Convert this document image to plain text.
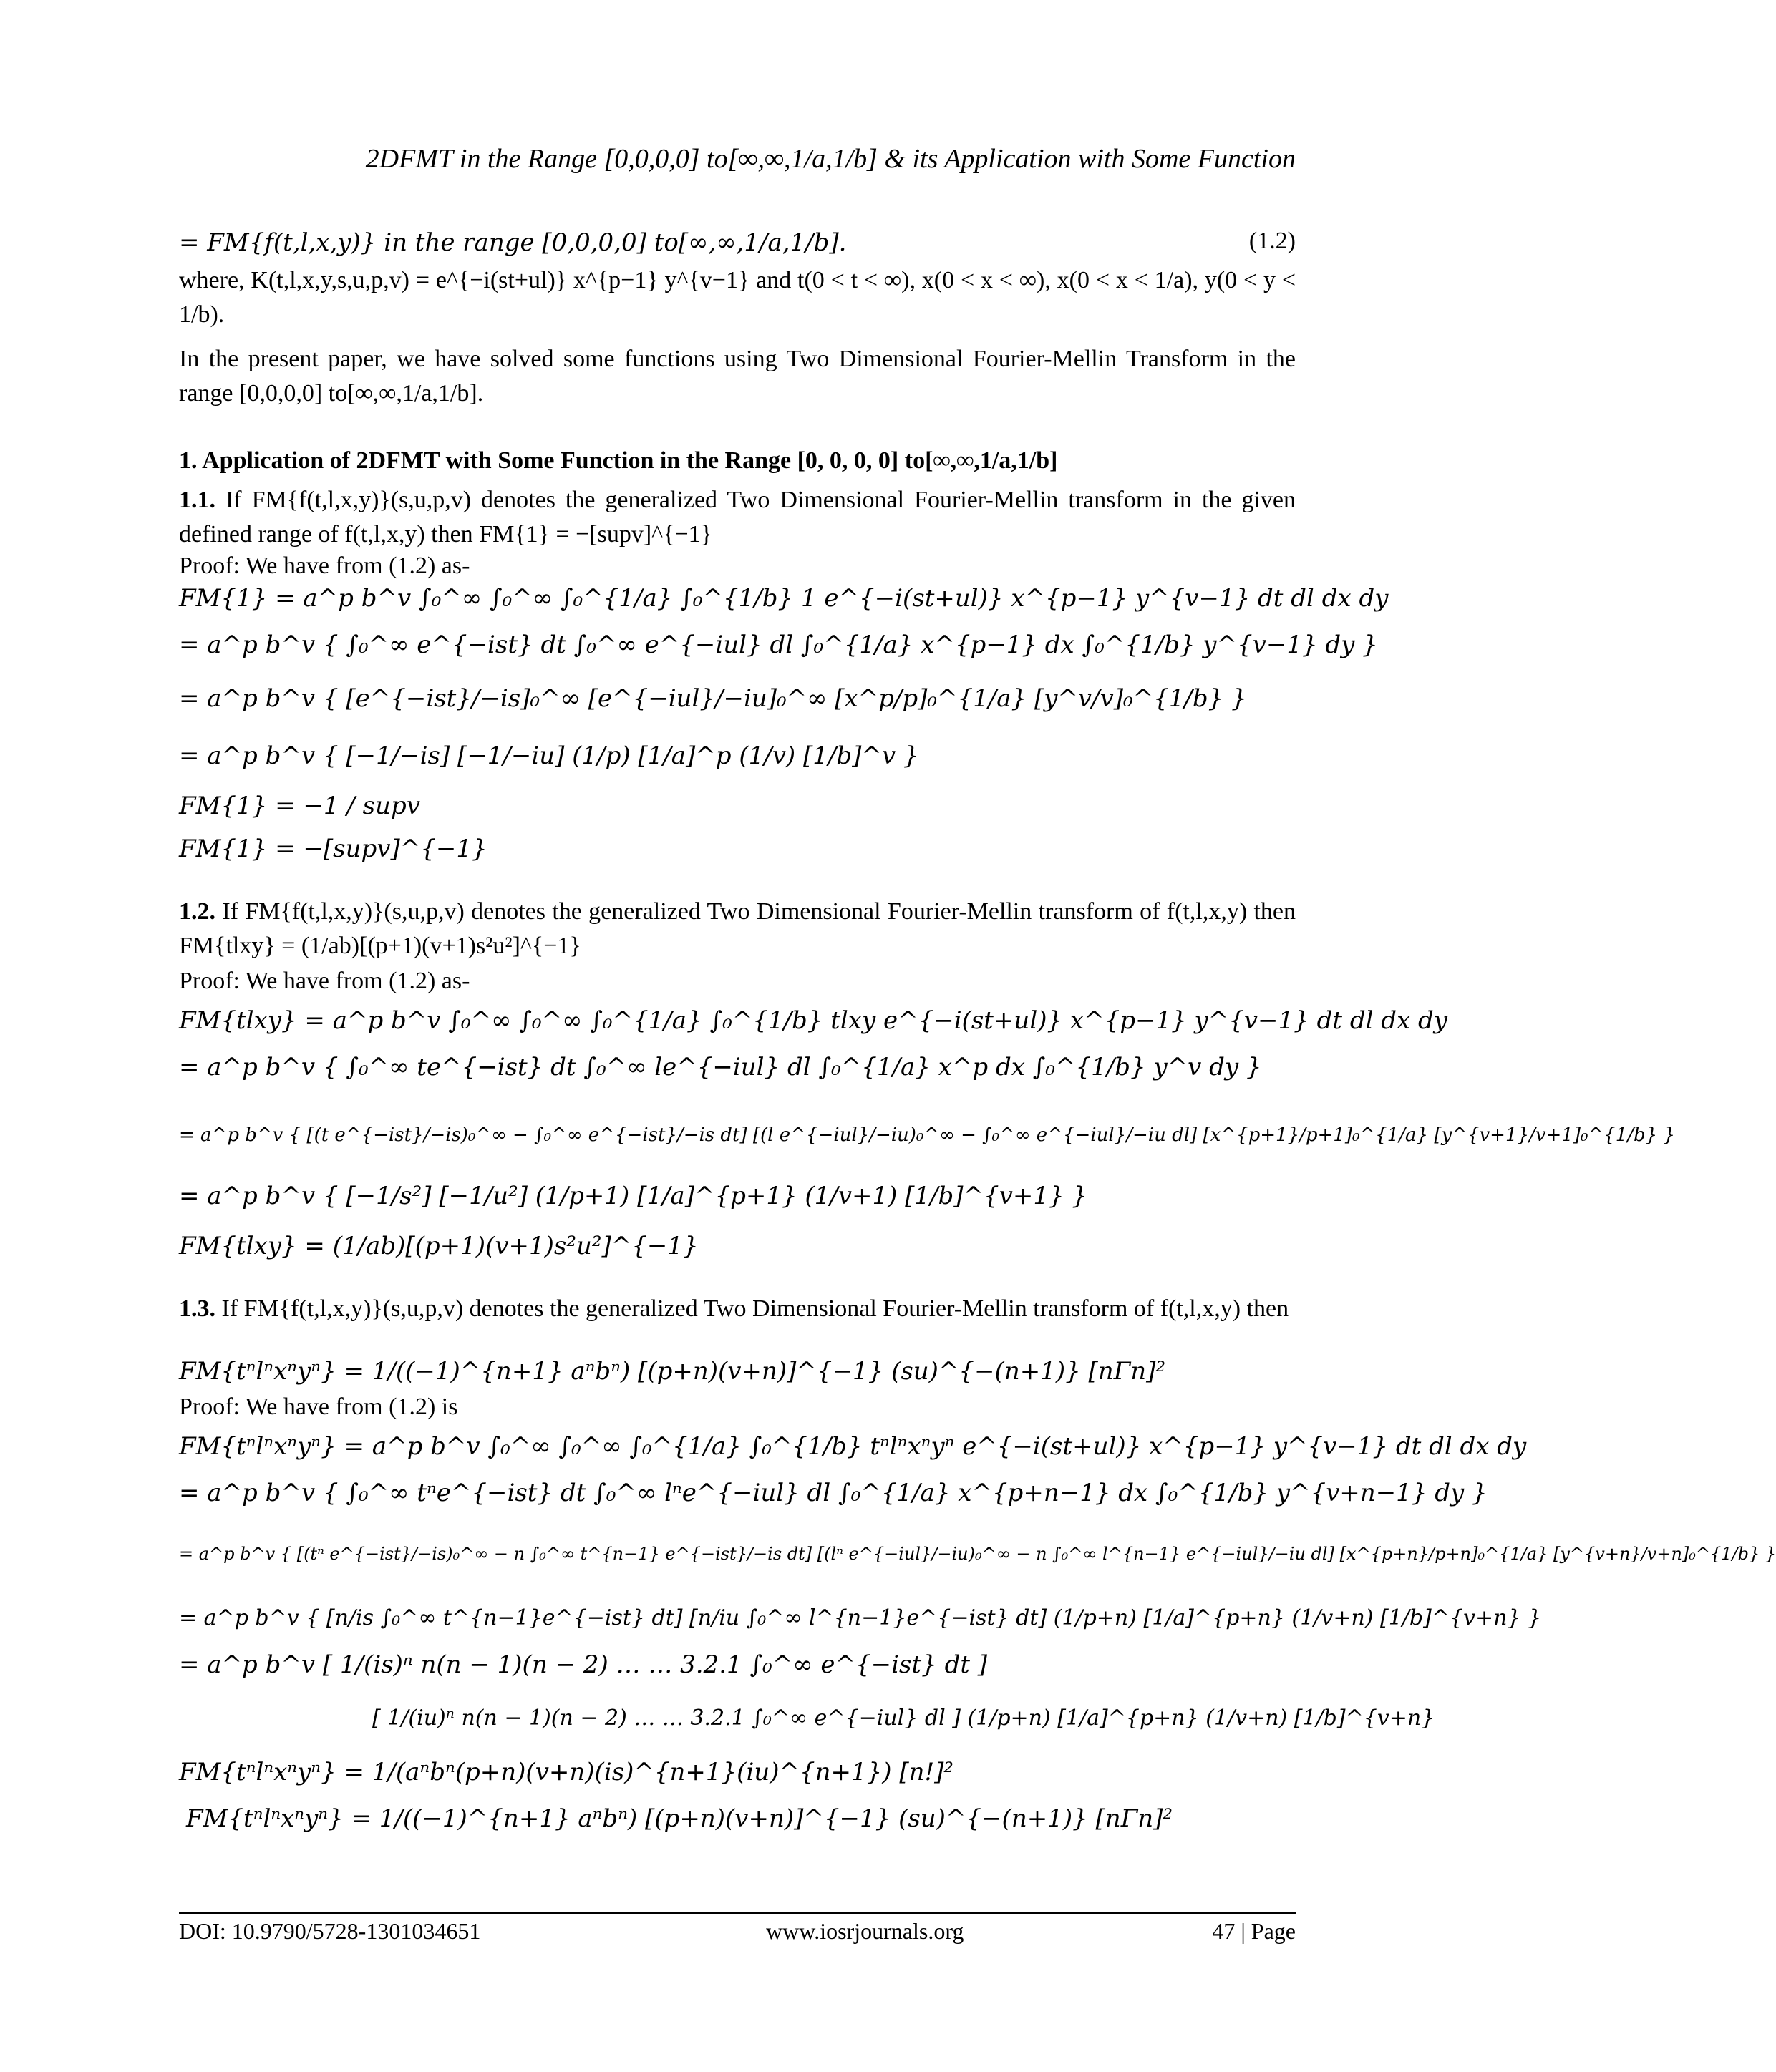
2DFMT in the Range [0,0,0,0] to[∞,∞,1/a,1/b] & its Application with Some Function
= FM{f(t,l,x,y)} in the range [0,0,0,0] to[∞,∞,1/a,1/b].	(1.2)
where, K(t,l,x,y,s,u,p,v) = e^{−i(st+ul)} x^{p−1} y^{v−1} and t(0 < t < ∞), x(0 < x < ∞), x(0 < x < 1/a), y(0 < y < 1/b).
In the present paper, we have solved some functions using Two Dimensional Fourier-Mellin Transform in the range [0,0,0,0] to[∞,∞,1/a,1/b].
1. Application of 2DFMT with Some Function in the Range [0, 0, 0, 0] to[∞,∞,1/a,1/b]
1.1. If FM{f(t,l,x,y)}(s,u,p,v) denotes the generalized Two Dimensional Fourier-Mellin transform in the given defined range of f(t,l,x,y) then FM{1} = −[supv]^{−1}
Proof: We have from (1.2) as-
FM{1} = a^p b^v ∫₀^∞ ∫₀^∞ ∫₀^{1/a} ∫₀^{1/b} 1 e^{−i(st+ul)} x^{p−1} y^{v−1} dt dl dx dy
= a^p b^v { ∫₀^∞ e^{−ist} dt ∫₀^∞ e^{−iul} dl ∫₀^{1/a} x^{p−1} dx ∫₀^{1/b} y^{v−1} dy }
= a^p b^v { [e^{−ist}/−is]₀^∞ [e^{−iul}/−iu]₀^∞ [x^p/p]₀^{1/a} [y^v/v]₀^{1/b} }
= a^p b^v { [−1/−is] [−1/−iu] (1/p) [1/a]^p (1/v) [1/b]^v }
FM{1} = −1 / supv
FM{1} = −[supv]^{−1}
1.2. If FM{f(t,l,x,y)}(s,u,p,v) denotes the generalized Two Dimensional Fourier-Mellin transform of f(t,l,x,y) then FM{tlxy} = (1/ab)[(p+1)(v+1)s²u²]^{−1}
Proof: We have from (1.2) as-
FM{tlxy} = a^p b^v ∫₀^∞ ∫₀^∞ ∫₀^{1/a} ∫₀^{1/b} tlxy e^{−i(st+ul)} x^{p−1} y^{v−1} dt dl dx dy
= a^p b^v { ∫₀^∞ te^{−ist} dt ∫₀^∞ le^{−iul} dl ∫₀^{1/a} x^p dx ∫₀^{1/b} y^v dy }
= a^p b^v { [(t e^{−ist}/−is)₀^∞ − ∫₀^∞ e^{−ist}/−is dt] [(l e^{−iul}/−iu)₀^∞ − ∫₀^∞ e^{−iul}/−iu dl] [x^{p+1}/p+1]₀^{1/a} [y^{v+1}/v+1]₀^{1/b} }
= a^p b^v { [−1/s²] [−1/u²] (1/p+1) [1/a]^{p+1} (1/v+1) [1/b]^{v+1} }
FM{tlxy} = (1/ab)[(p+1)(v+1)s²u²]^{−1}
1.3. If FM{f(t,l,x,y)}(s,u,p,v) denotes the generalized Two Dimensional Fourier-Mellin transform of f(t,l,x,y) then
FM{tⁿlⁿxⁿyⁿ} = 1/((−1)^{n+1} aⁿbⁿ) [(p+n)(v+n)]^{−1} (su)^{−(n+1)} [nΓn]²
Proof: We have from (1.2) is
FM{tⁿlⁿxⁿyⁿ} = a^p b^v ∫₀^∞ ∫₀^∞ ∫₀^{1/a} ∫₀^{1/b} tⁿlⁿxⁿyⁿ e^{−i(st+ul)} x^{p−1} y^{v−1} dt dl dx dy
= a^p b^v { ∫₀^∞ tⁿe^{−ist} dt ∫₀^∞ lⁿe^{−iul} dl ∫₀^{1/a} x^{p+n−1} dx ∫₀^{1/b} y^{v+n−1} dy }
= a^p b^v { [(tⁿ e^{−ist}/−is)₀^∞ − n ∫₀^∞ t^{n−1} e^{−ist}/−is dt] [(lⁿ e^{−iul}/−iu)₀^∞ − n ∫₀^∞ l^{n−1} e^{−iul}/−iu dl] [x^{p+n}/p+n]₀^{1/a} [y^{v+n}/v+n]₀^{1/b} }
= a^p b^v { [n/is ∫₀^∞ t^{n−1}e^{−ist} dt] [n/iu ∫₀^∞ l^{n−1}e^{−ist} dt] (1/p+n) [1/a]^{p+n} (1/v+n) [1/b]^{v+n} }
= a^p b^v [ 1/(is)ⁿ n(n − 1)(n − 2) … … 3.2.1 ∫₀^∞ e^{−ist} dt ]
[ 1/(iu)ⁿ n(n − 1)(n − 2) … … 3.2.1 ∫₀^∞ e^{−iul} dl ] (1/p+n) [1/a]^{p+n} (1/v+n) [1/b]^{v+n}
FM{tⁿlⁿxⁿyⁿ} = 1/(aⁿbⁿ(p+n)(v+n)(is)^{n+1}(iu)^{n+1}) [n!]²
FM{tⁿlⁿxⁿyⁿ} = 1/((−1)^{n+1} aⁿbⁿ) [(p+n)(v+n)]^{−1} (su)^{−(n+1)} [nΓn]²
DOI: 10.9790/5728-1301034651	www.iosrjournals.org	47 | Page
